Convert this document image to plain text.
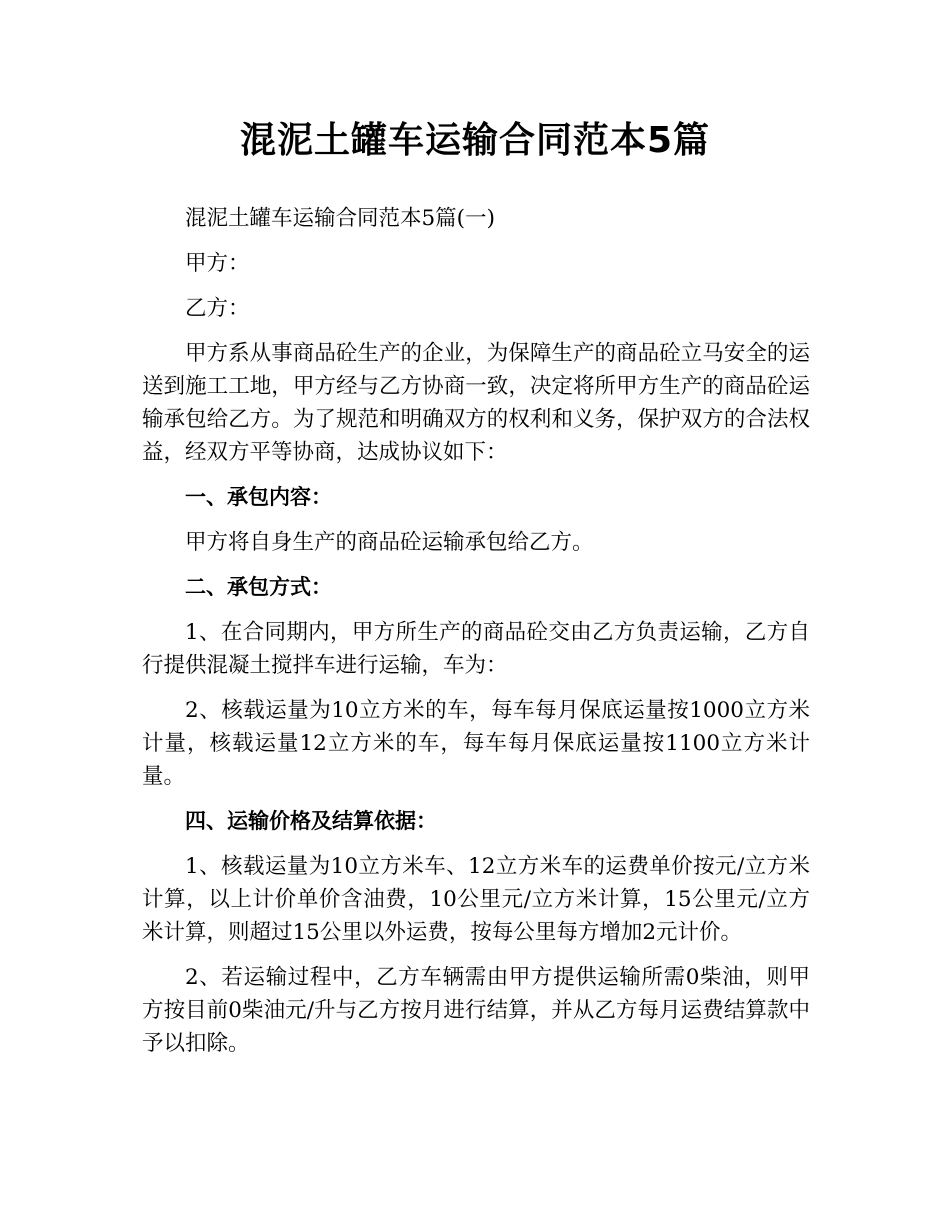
混泥土罐车运输合同范本5篇

混泥土罐车运输合同范本5篇(一)

甲方：

乙方：

甲方系从事商品砼生产的企业，为保障生产的商品砼立马安全的运送到施工工地，甲方经与乙方协商一致，决定将所甲方生产的商品砼运输承包给乙方。为了规范和明确双方的权利和义务，保护双方的合法权益，经双方平等协商，达成协议如下：

一、承包内容：

甲方将自身生产的商品砼运输承包给乙方。

二、承包方式：

1、在合同期内，甲方所生产的商品砼交由乙方负责运输，乙方自行提供混凝土搅拌车进行运输，车为：

2、核载运量为10立方米的车，每车每月保底运量按1000立方米计量，核载运量12立方米的车，每车每月保底运量按1100立方米计量。

四、运输价格及结算依据：

1、核载运量为10立方米车、12立方米车的运费单价按元/立方米计算，以上计价单价含油费，10公里元/立方米计算，15公里元/立方米计算，则超过15公里以外运费，按每公里每方增加2元计价。

2、若运输过程中，乙方车辆需由甲方提供运输所需0柴油，则甲方按目前0柴油元/升与乙方按月进行结算，并从乙方每月运费结算款中予以扣除。
